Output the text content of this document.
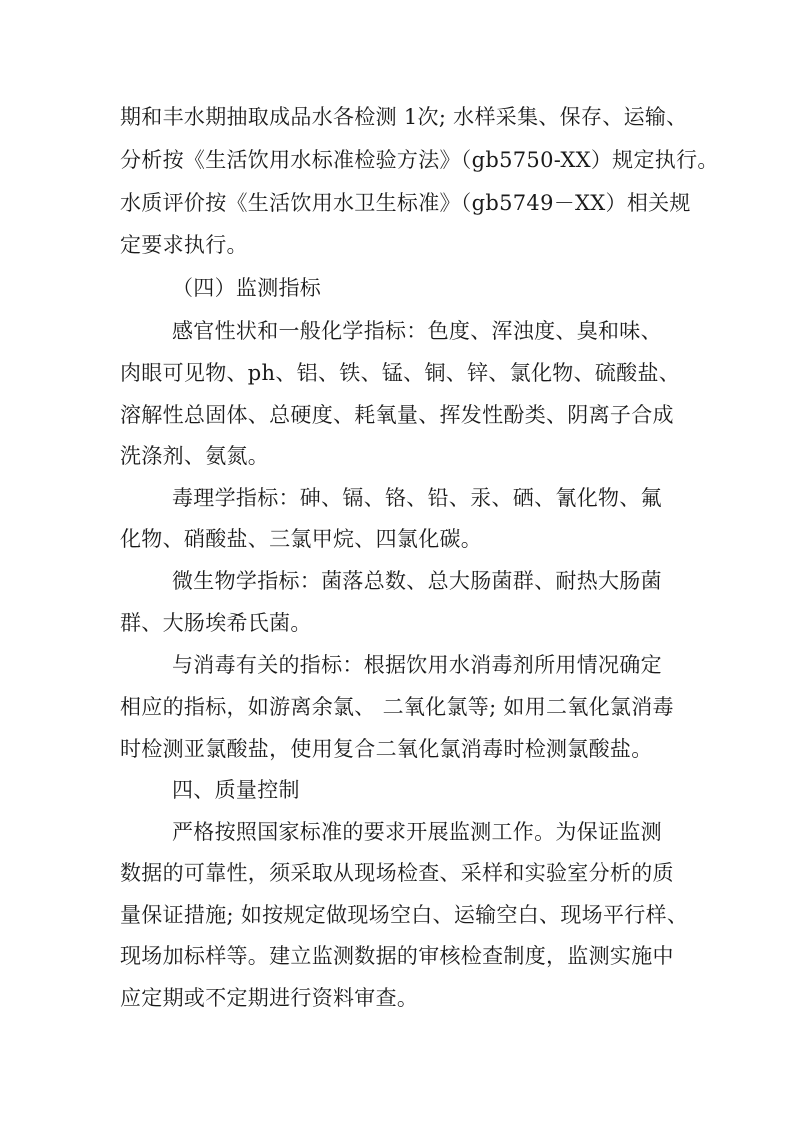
期和丰水期抽取成品水各检测 1次; 水样采集、保存、运输、
分析按《生活饮用水标准检验方法》（gb5750-XX）规定执行。
水质评价按《生活饮用水卫生标准》（gb5749－XX）相关规
定要求执行。
（四）监测指标
感官性状和一般化学指标：色度、浑浊度、臭和味、
肉眼可见物、ph、铝、铁、锰、铜、锌、氯化物、硫酸盐、
溶解性总固体、总硬度、耗氧量、挥发性酚类、阴离子合成
洗涤剂、氨氮。
毒理学指标：砷、镉、铬、铅、汞、硒、氰化物、氟
化物、硝酸盐、三氯甲烷、四氯化碳。
微生物学指标：菌落总数、总大肠菌群、耐热大肠菌
群、大肠埃希氏菌。
与消毒有关的指标：根据饮用水消毒剂所用情况确定
相应的指标，如游离余氯、 二氧化氯等; 如用二氧化氯消毒
时检测亚氯酸盐，使用复合二氧化氯消毒时检测氯酸盐。
四、质量控制
严格按照国家标准的要求开展监测工作。为保证监测
数据的可靠性，须采取从现场检查、采样和实验室分析的质
量保证措施; 如按规定做现场空白、运输空白、现场平行样、
现场加标样等。建立监测数据的审核检查制度，监测实施中
应定期或不定期进行资料审查。
